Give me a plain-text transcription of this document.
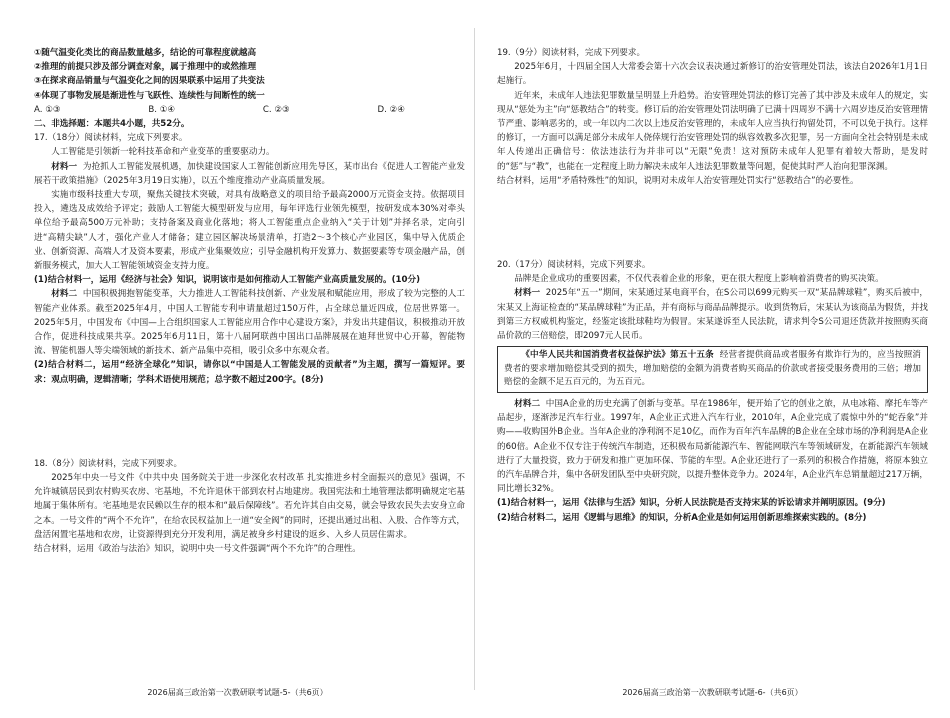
①随气温变化类比的商品数量越多，结论的可靠程度就越高

②推理的前提只涉及部分调查对象，属于推理中的或然推理

③在探求商品销量与气温变化之间的因果联系中运用了共变法

④体现了事物发展是渐进性与飞跃性、连续性与间断性的统一

A. ①③	B. ①④	C. ②③	D. ②④

二、非选择题：本题共4小题，共52分。

17.（18分）阅读材料，完成下列要求。

人工智能是引领新一轮科技革命和产业变革的重要驱动力。

材料一 为抢抓人工智能发展机遇，加快建设国家人工智能创新应用先导区，某市出台《促进人工智能产业发展若干政策措施》（2025年3月19日实施），以五个维度推动产业高质量发展。

实施市级科技重大专项，聚焦关键技术突破，对具有战略意义的项目给予最高2000万元资金支持。依据项目投入，遴选及成效给予评定；鼓励人工智能大模型研发与应用，每年评选行业领先模型，按研发成本30%对牵头单位给予最高500万元补助；支持备案及商业化落地；将人工智能重点企业纳入“关于计划”并择名录，定向引进“高精尖缺”人才，强化产业人才储备；建立园区解决场景清单，打造2～3个核心产业园区，集中导入优质企业、创新资源、高端人才及资本要素，形成产业集聚效应；引导金融机构开发算力、数据要素等专项金融产品，创新服务模式，加大人工智能领域资金支持力度。

(1)结合材料一，运用《经济与社会》知识，说明该市是如何推动人工智能产业高质量发展的。(10分)

材料二 中国积极拥抱智能变革，大力推进人工智能科技创新、产业发展和赋能应用，形成了较为完整的人工智能产业体系。截至2025年4月，中国人工智能专利申请量超过150万件，占全球总量近四成，位居世界第一。2025年5月，中国发布《中国—上合组织国家人工智能应用合作中心建设方案》，并发出共建倡议，积极推动开放合作，促进科技成果共享。2025年6月11日，第十八届阿联酋中国出口品牌展展在迪拜世贸中心开幕，智能物流、智能机器人等尖端领域的新技术、新产品集中亮相，吸引众多中东观众者。

(2)结合材料二，运用“经济全球化”知识，请你以“中国是人工智能发展的贡献者”为主题，撰写一篇短评。要求：观点明确，逻辑清晰；学科术语使用规范；总字数不超过200字。(8分)

18.（8分）阅读材料，完成下列要求。

2025年中央一号文件《中共中央 国务院关于进一步深化农村改革 扎实推进乡村全面振兴的意见》强调，不允许城镇居民到农村购买农房、宅基地，不允许退休干部到农村占地建房。我国宪法和土地管理法都明确规定宅基地属于集体所有。宅基地是农民赖以生存的根本和“最后保障线”。若允许其自由交易，就会导致农民失去安身立命之本。一号文件的“两个不允许”，在给农民权益加上一道“安全阀”的同时，还提出通过出租、入股、合作等方式，盘活闲置宅基地和农房，让资源得到充分开发利用，满足被身乡村建设的返乡、入乡人员居住需求。

结合材料，运用《政治与法治》知识，说明中央一号文件强调“两个不允许”的合理性。

2026届高三政治第一次教研联考试题-5-（共6页）

19.（9分）阅读材料，完成下列要求。

2025年6月，十四届全国人大常委会第十六次会议表决通过新修订的治安管理处罚法，该法自2026年1月1日起施行。

近年来，未成年人违法犯罪数量呈明显上升趋势。治安管理处罚法的修订完善了其中涉及未成年人的规定，实现从“惩处为主”向“惩教结合”的转变。修订后的治安管理处罚法明确了已满十四周岁不满十六周岁违反治安管理情节严重、影响恶劣的，或一年以内二次以上违反治安管理的，未成年人应当执行拘留处罚，不可以免于执行。这样的修订，一方面可以满足部分未成年人侥倖规行治安管理处罚的纵容效教多次犯罪，另一方面向全社会特别是未成年人传递出正确信号：依法违法行为并非可以“无限”免责！这对预防未成年人犯罪有着较大帮助，是发时的“惩”与“教”，也能在一定程度上助力解决未成年人违法犯罪数量等问题，促使其时严人治向犯罪深渊。

结合材料，运用“矛盾特殊性”的知识，说明对未成年人治安管理处罚实行“惩教结合”的必要性。

20.（17分）阅读材料，完成下列要求。

品牌是企业成功的重要因素，不仅代表着企业的形象，更在很大程度上影响着消费者的购买决策。

材料一 2025年“五一”期间，宋某通过某电商平台，在S公司以699元购买一双“某品牌球鞋”，购买后被中，宋某又上海证检查的“某品牌球鞋”为正品，并有商标与商品品牌提示。收到货物后，宋某认为该商品为假货，并找到第三方权威机构鉴定，经鉴定该批球鞋均为假冒。宋某遂诉至人民法院，请求判令S公司退还货款并按照购买商品价款的三倍赔偿，即2097元人民币。

《中华人民共和国消费者权益保护法》第五十五条 经营者提供商品或者服务有欺诈行为的，应当按照消费者的要求增加赔偿其受到的损失，增加赔偿的金额为消费者购买商品的价款或者接受服务费用的三倍；增加赔偿的金额不足五百元的，为五百元。

材料二 中国A企业的历史充满了创新与变革。早在1986年，便开始了它的创业之旅，从电冰箱、摩托车等产品起步，逐渐涉足汽车行业。1997年，A企业正式进入汽车行业，2010年，A企业完成了震惊中外的“蛇吞象”并购——收购国外B企业。当年A企业的净利润不足10亿，而作为百年汽车品牌的B企业在全球市场的净利润是A企业的60倍。A企业不仅专注于传统汽车制造，还积极布局新能源汽车、智能网联汽车等领域研发，在新能源汽车领域进行了大量投资，致力于研发和推广更加环保、节能的车型。A企业还进行了一系列的积极合作措施，将原本独立的汽车品牌合并，集中各研发团队至中央研究院，以提升整体竞争力。2024年，A企业汽车总销量超过217万辆，同比增长32%。

(1)结合材料一，运用《法律与生活》知识，分析人民法院是否支持宋某的诉讼请求并阐明原因。(9分)

(2)结合材料二，运用《逻辑与思维》的知识，分析A企业是如何运用创新思维探索实践的。(8分)

2026届高三政治第一次教研联考试题-6-（共6页）
